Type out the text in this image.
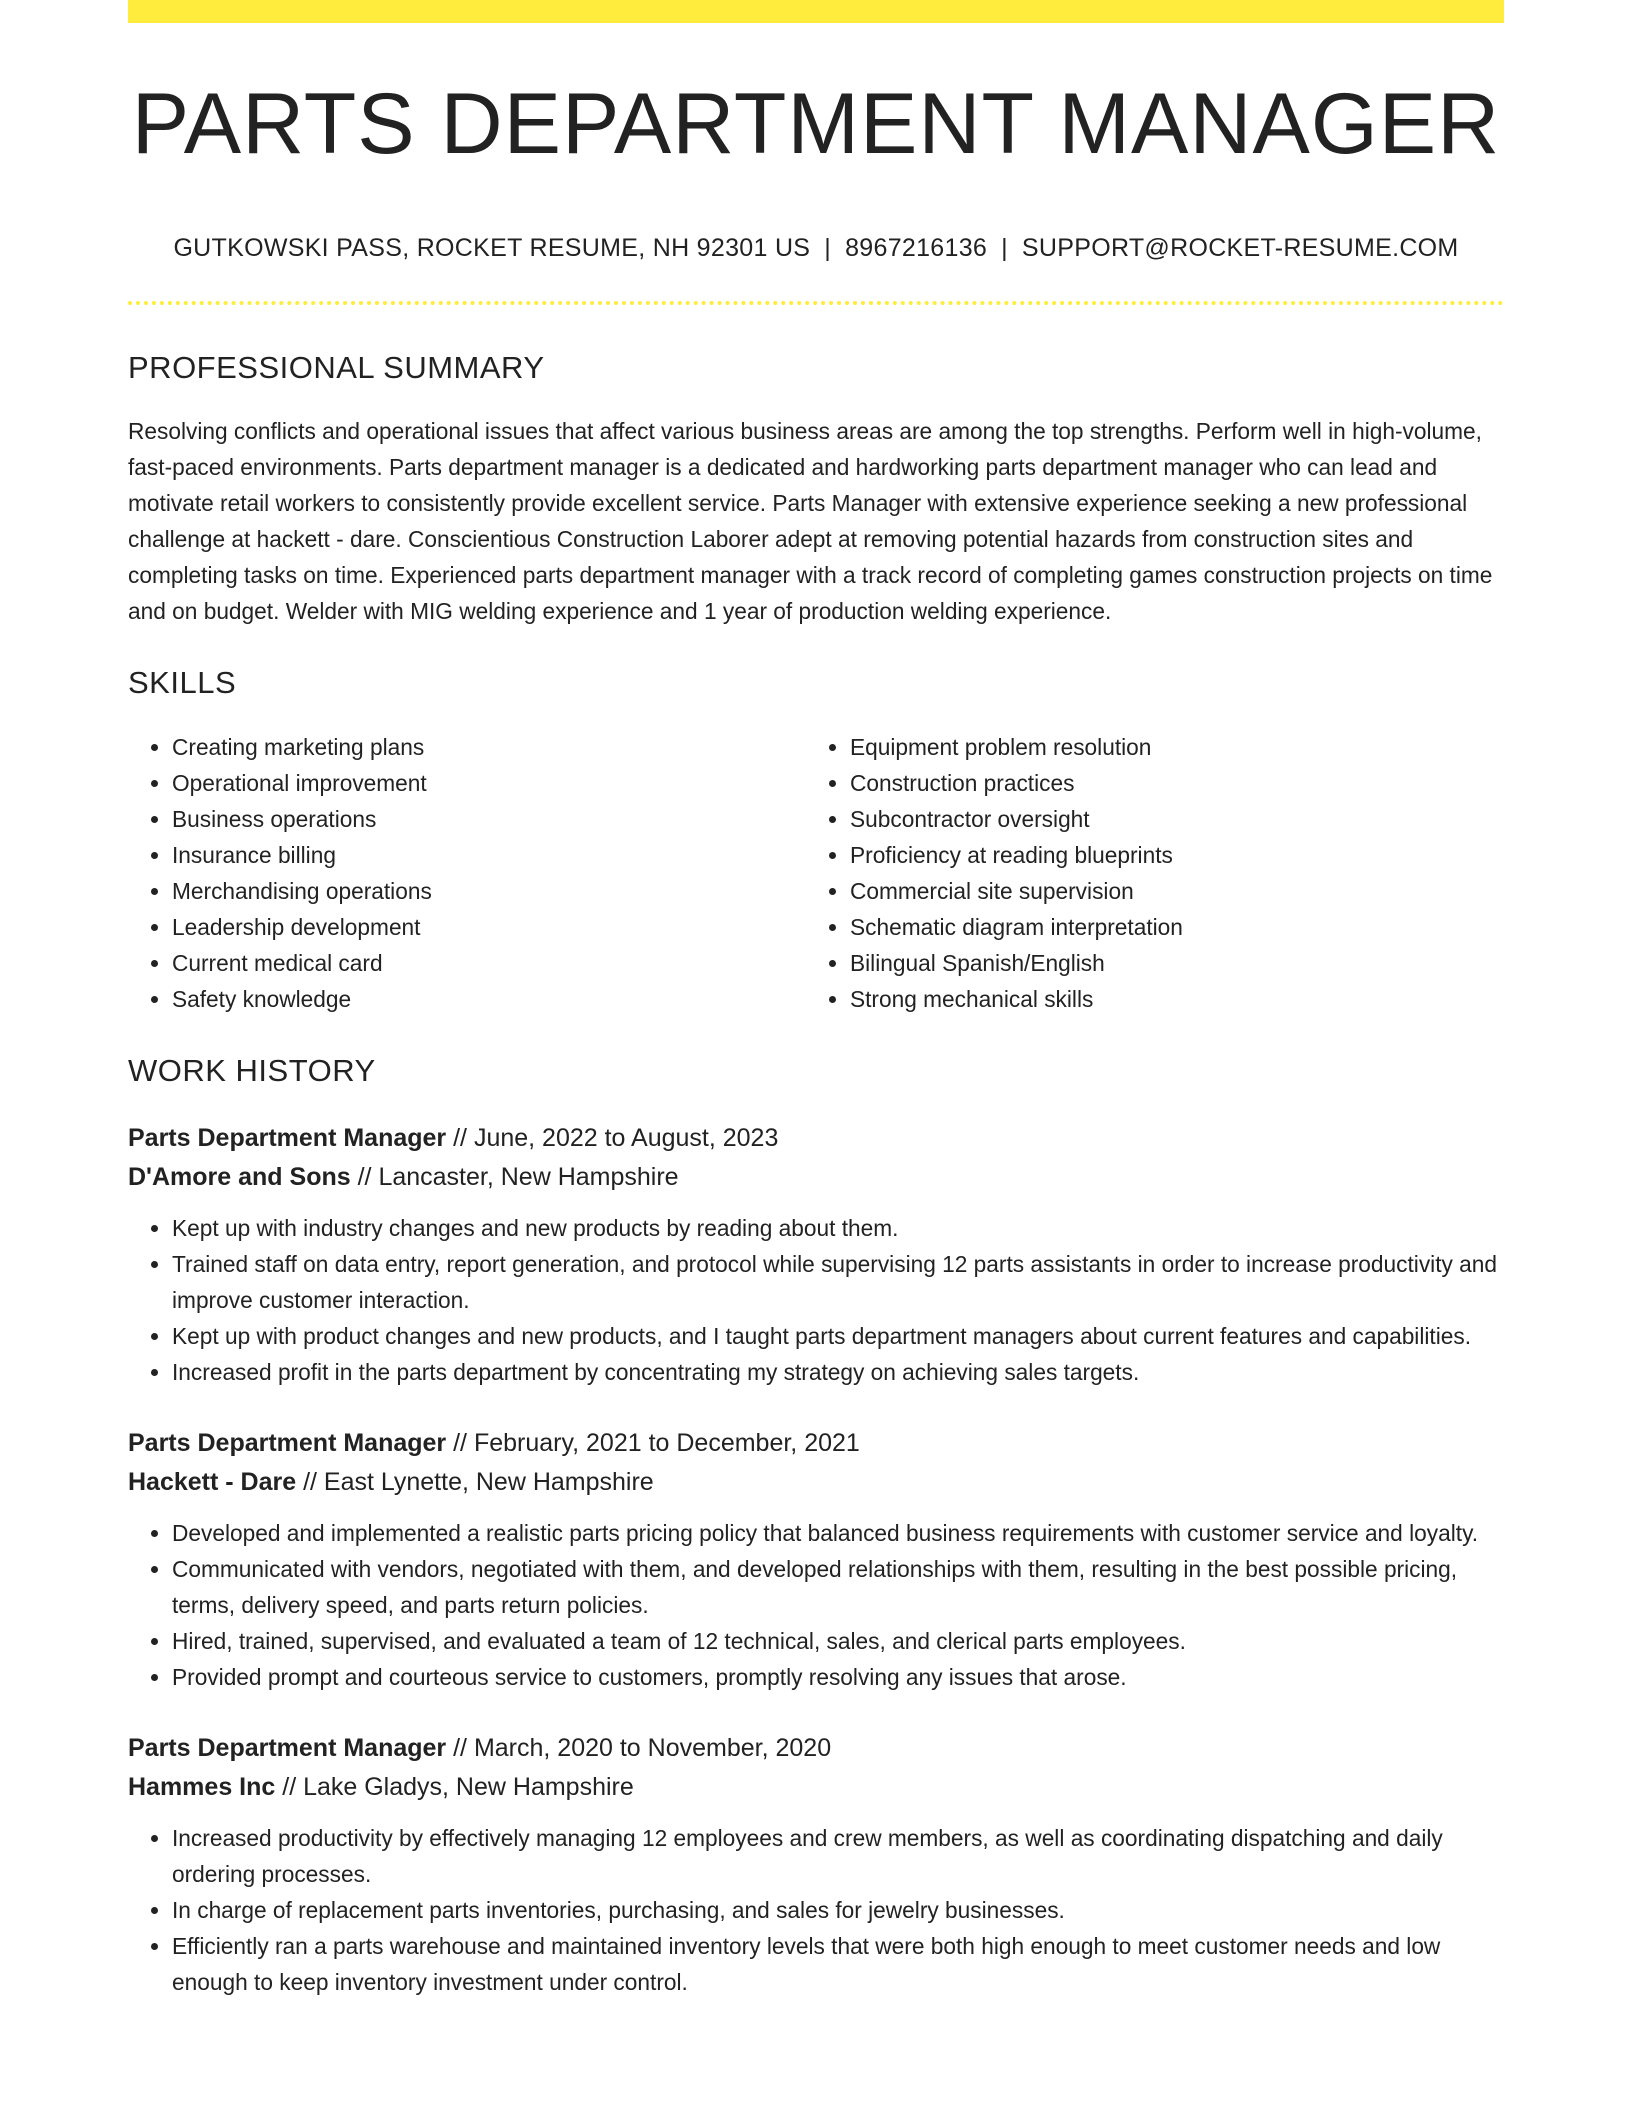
PARTS DEPARTMENT MANAGER
GUTKOWSKI PASS, ROCKET RESUME, NH 92301 US | 8967216136 | SUPPORT@ROCKET-RESUME.COM
PROFESSIONAL SUMMARY

Resolving conflicts and operational issues that affect various business areas are among the top strengths. Perform well in high-volume, fast-paced environments. Parts department manager is a dedicated and hardworking parts department manager who can lead and motivate retail workers to consistently provide excellent service. Parts Manager with extensive experience seeking a new professional challenge at hackett - dare. Conscientious Construction Laborer adept at removing potential hazards from construction sites and completing tasks on time. Experienced parts department manager with a track record of completing games construction projects on time and on budget. Welder with MIG welding experience and 1 year of production welding experience.

SKILLS
• Creating marketing plans
• Operational improvement
• Business operations
• Insurance billing
• Merchandising operations
• Leadership development
• Current medical card
• Safety knowledge
• Equipment problem resolution
• Construction practices
• Subcontractor oversight
• Proficiency at reading blueprints
• Commercial site supervision
• Schematic diagram interpretation
• Bilingual Spanish/English
• Strong mechanical skills
WORK HISTORY
Parts Department Manager // June, 2022 to August, 2023
D'Amore and Sons // Lancaster, New Hampshire
• Kept up with industry changes and new products by reading about them.
• Trained staff on data entry, report generation, and protocol while supervising 12 parts assistants in order to increase productivity and improve customer interaction.
• Kept up with product changes and new products, and I taught parts department managers about current features and capabilities.
• Increased profit in the parts department by concentrating my strategy on achieving sales targets.
Parts Department Manager // February, 2021 to December, 2021
Hackett - Dare // East Lynette, New Hampshire
• Developed and implemented a realistic parts pricing policy that balanced business requirements with customer service and loyalty.
• Communicated with vendors, negotiated with them, and developed relationships with them, resulting in the best possible pricing, terms, delivery speed, and parts return policies.
• Hired, trained, supervised, and evaluated a team of 12 technical, sales, and clerical parts employees.
• Provided prompt and courteous service to customers, promptly resolving any issues that arose.
Parts Department Manager // March, 2020 to November, 2020
Hammes Inc // Lake Gladys, New Hampshire
• Increased productivity by effectively managing 12 employees and crew members, as well as coordinating dispatching and daily ordering processes.
• In charge of replacement parts inventories, purchasing, and sales for jewelry businesses.
• Efficiently ran a parts warehouse and maintained inventory levels that were both high enough to meet customer needs and low enough to keep inventory investment under control.
